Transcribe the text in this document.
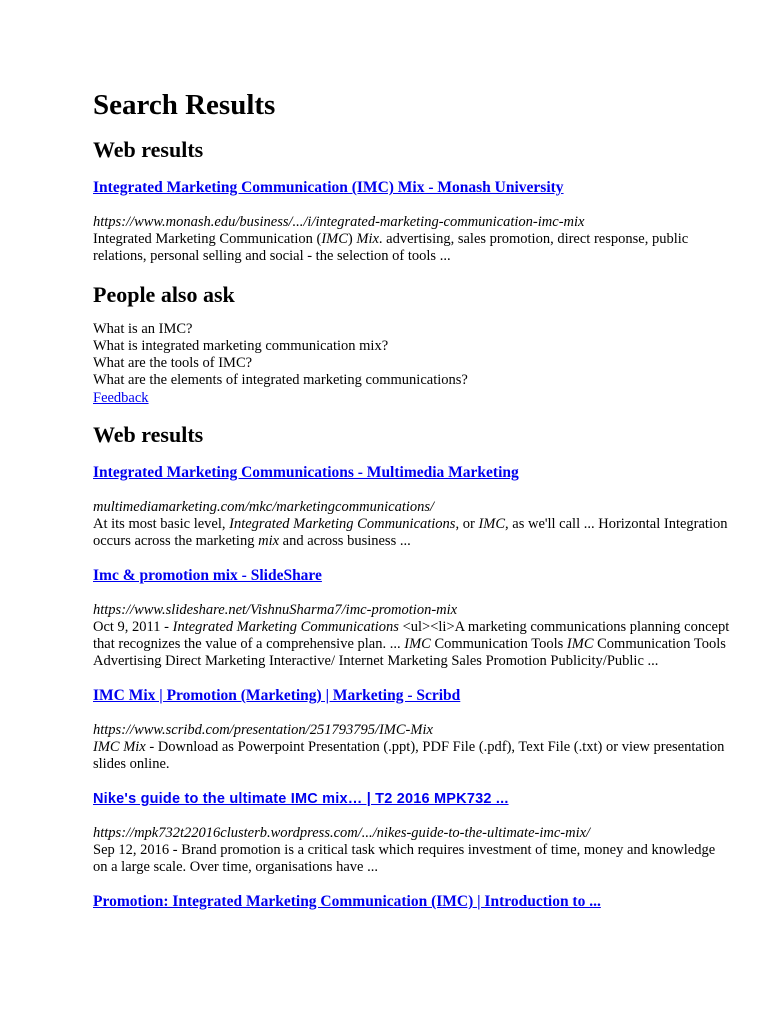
Search Results
Web results
Integrated Marketing Communication (IMC) Mix - Monash University
https://www.monash.edu/business/.../i/integrated-marketing-communication-imc-mix
Integrated Marketing Communication (IMC) Mix. advertising, sales promotion, direct response, public relations, personal selling and social - the selection of tools ...
People also ask
What is an IMC?
What is integrated marketing communication mix?
What are the tools of IMC?
What are the elements of integrated marketing communications?
Feedback
Web results
Integrated Marketing Communications - Multimedia Marketing
multimediamarketing.com/mkc/marketingcommunications/
At its most basic level, Integrated Marketing Communications, or IMC, as we'll call ... Horizontal Integration occurs across the marketing mix and across business ...
Imc & promotion mix - SlideShare
https://www.slideshare.net/VishnuSharma7/imc-promotion-mix
Oct 9, 2011 - Integrated Marketing Communications <ul><li>A marketing communications planning concept that recognizes the value of a comprehensive plan. ... IMC Communication Tools IMC Communication Tools Advertising Direct Marketing Interactive/ Internet Marketing Sales Promotion Publicity/Public ...
IMC Mix | Promotion (Marketing) | Marketing - Scribd
https://www.scribd.com/presentation/251793795/IMC-Mix
IMC Mix - Download as Powerpoint Presentation (.ppt), PDF File (.pdf), Text File (.txt) or view presentation slides online.
Nike's guide to the ultimate IMC mix… | T2 2016 MPK732 ...
https://mpk732t22016clusterb.wordpress.com/.../nikes-guide-to-the-ultimate-imc-mix/
Sep 12, 2016 - Brand promotion is a critical task which requires investment of time, money and knowledge on a large scale. Over time, organisations have ...
Promotion: Integrated Marketing Communication (IMC) | Introduction to ...
